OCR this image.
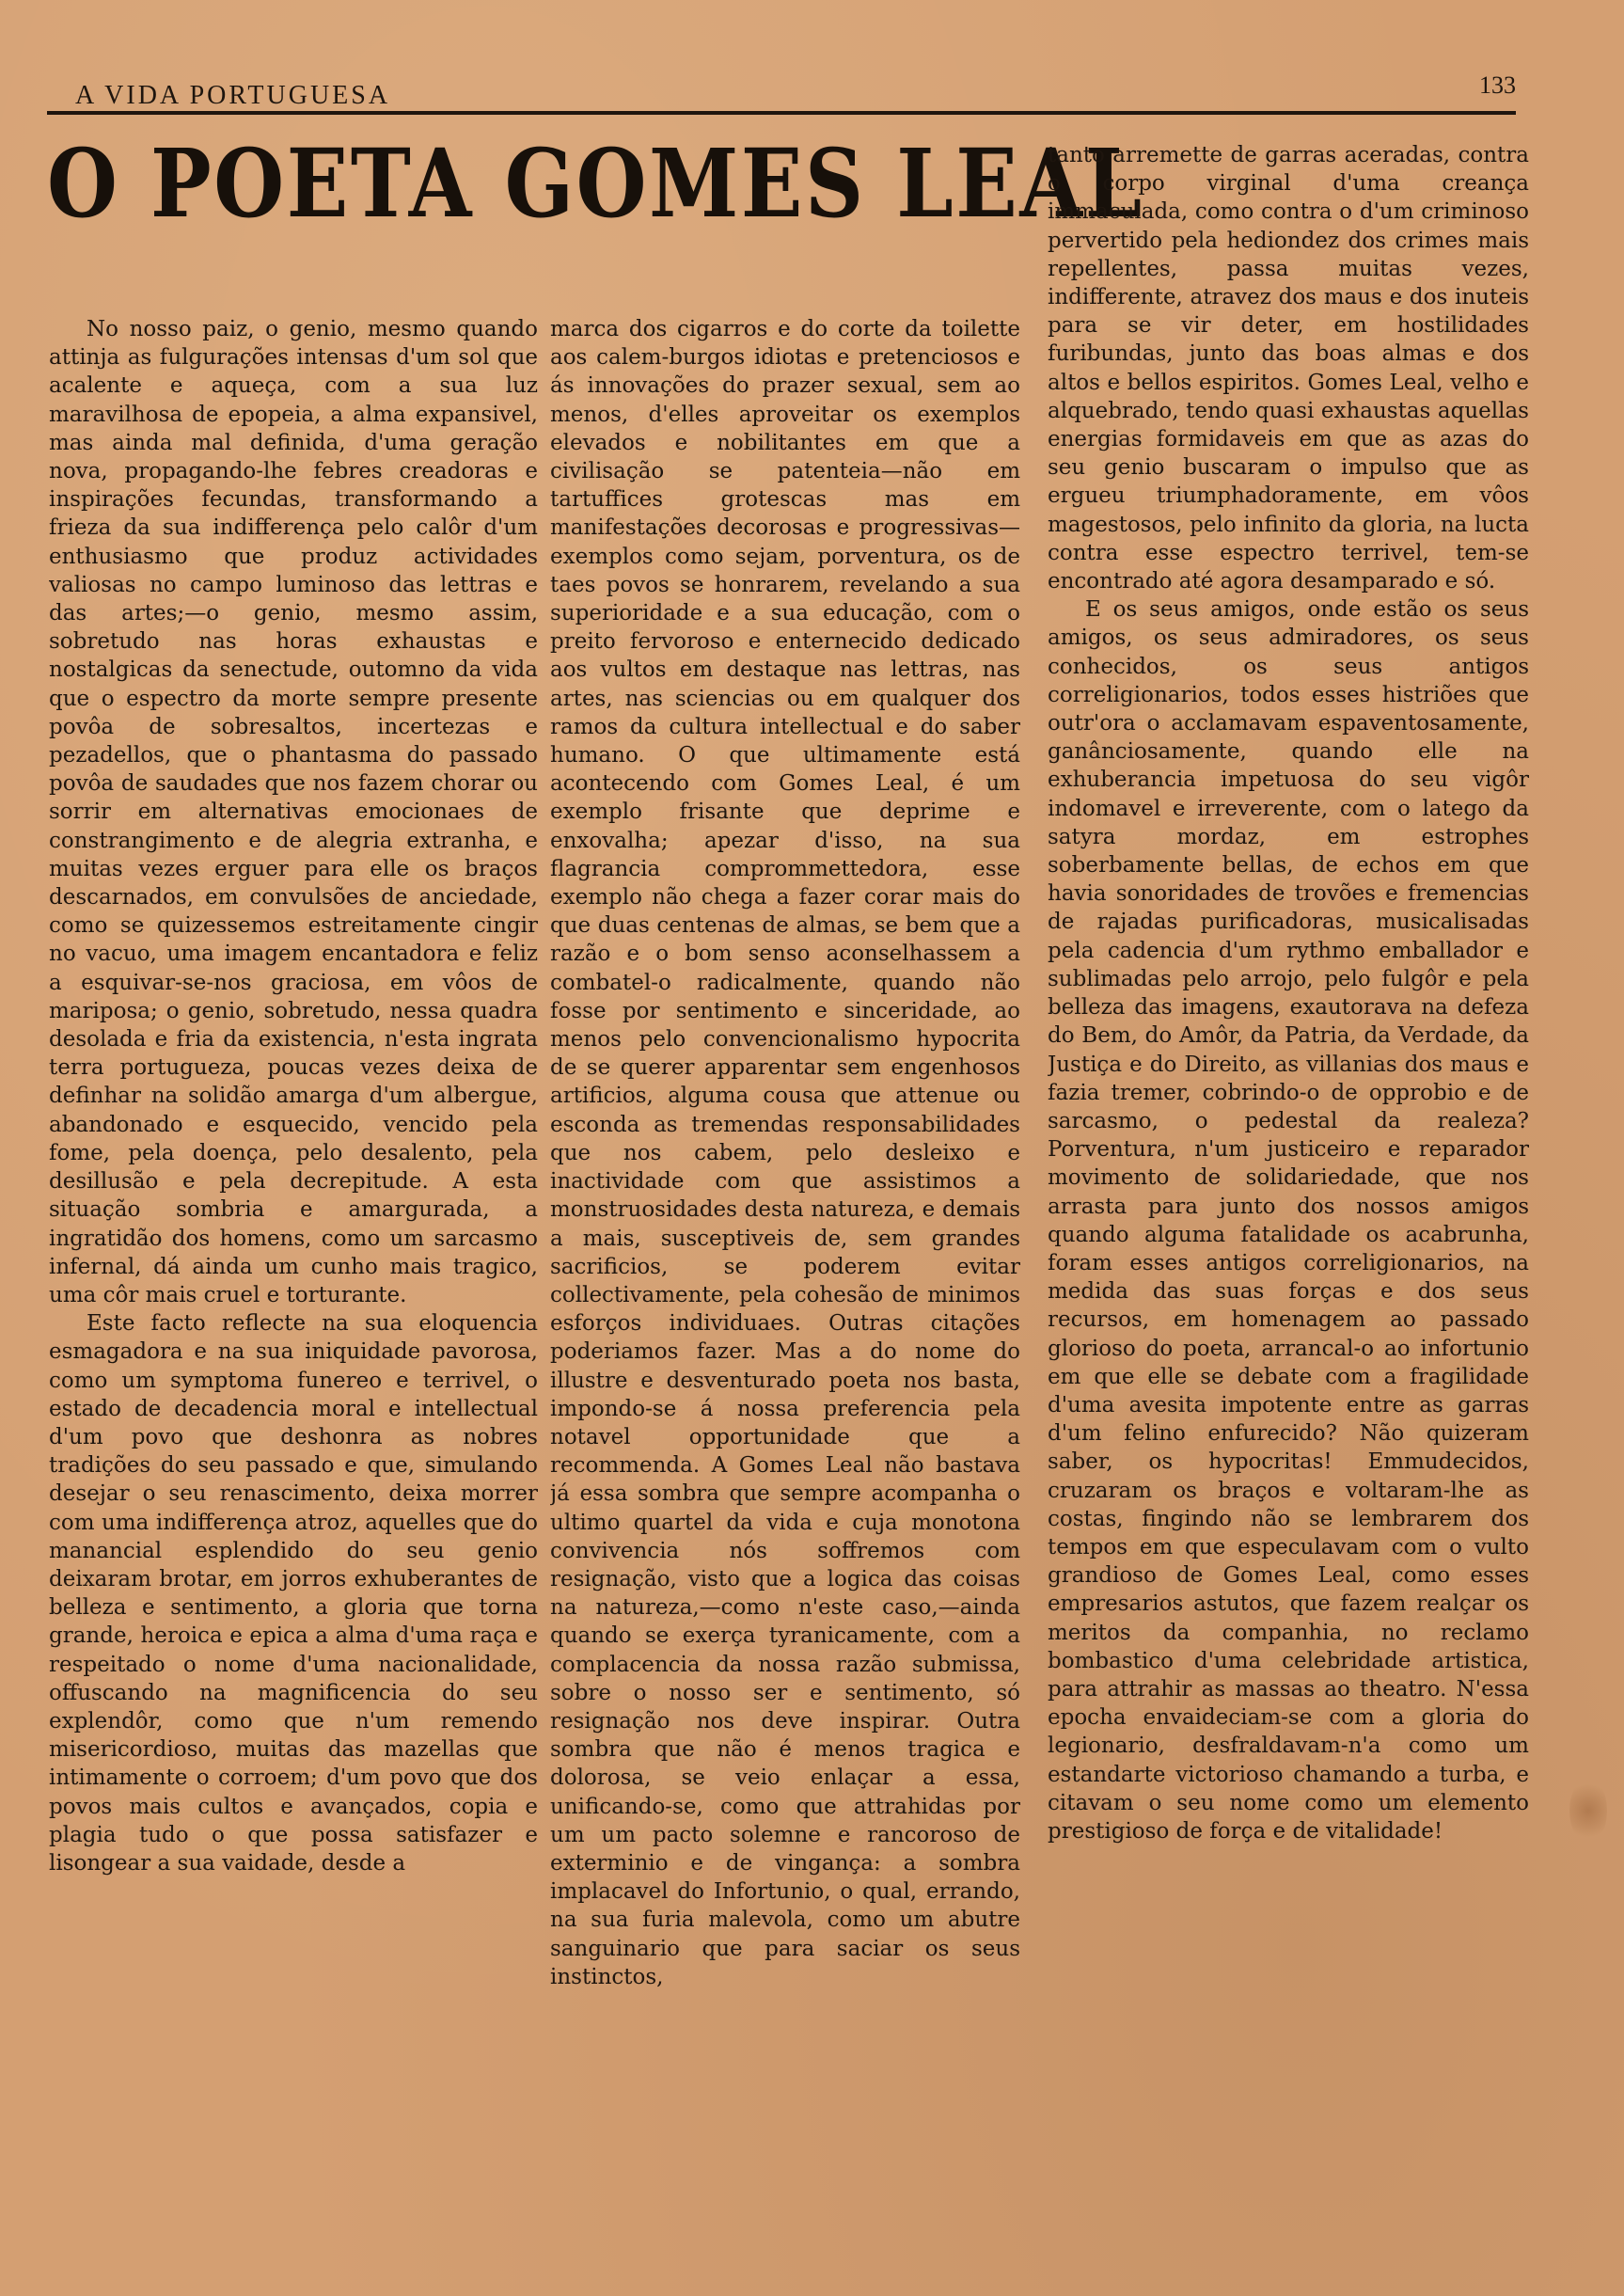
A VIDA PORTUGUESA	133

O POETA GOMES LEAL

No nosso paiz, o genio, mesmo quando attinja as fulgurações intensas d'um sol que acalente e aqueça, com a sua luz maravilhosa de epopeia, a alma expansivel, mas ainda mal definida, d'uma geração nova, propagando-lhe febres creadoras e inspirações fecundas, transformando a frieza da sua indifferença pelo calôr d'um enthusiasmo que produz actividades valiosas no campo luminoso das lettras e das artes;—o genio, mesmo assim, sobretudo nas horas exhaustas e nostalgicas da senectude, outomno da vida que o espectro da morte sempre presente povôa de sobresaltos, incertezas e pezadellos, que o phantasma do passado povôa de saudades que nos fazem chorar ou sorrir em alternativas emocionaes de constrangimento e de alegria extranha, e muitas vezes erguer para elle os braços descarnados, em convulsões de anciedade, como se quizessemos estreitamente cingir no vacuo, uma imagem encantadora e feliz a esquivar-se-nos graciosa, em vôos de mariposa; o genio, sobretudo, nessa quadra desolada e fria da existencia, n'esta ingrata terra portugueza, poucas vezes deixa de definhar na solidão amarga d'um albergue, abandonado e esquecido, vencido pela fome, pela doença, pelo desalento, pela desillusão e pela decrepitude. A esta situação sombria e amargurada, a ingratidão dos homens, como um sarcasmo infernal, dá ainda um cunho mais tragico, uma côr mais cruel e torturante.

Este facto reflecte na sua eloquencia esmagadora e na sua iniquidade pavorosa, como um symptoma funereo e terrivel, o estado de decadencia moral e intellectual d'um povo que deshonra as nobres tradições do seu passado e que, simulando desejar o seu renascimento, deixa morrer com uma indifferença atroz, aquelles que do manancial esplendido do seu genio deixaram brotar, em jorros exhuberantes de belleza e sentimento, a gloria que torna grande, heroica e epica a alma d'uma raça e respeitado o nome d'uma nacionalidade, offuscando na magnificencia do seu explendôr, como que n'um remendo misericordioso, muitas das mazellas que intimamente o corroem; d'um povo que dos povos mais cultos e avançados, copia e plagia tudo o que possa satisfazer e lisongear a sua vaidade, desde a

marca dos cigarros e do corte da toilette aos calem-burgos idiotas e pretenciosos e ás innovações do prazer sexual, sem ao menos, d'elles aproveitar os exemplos elevados e nobilitantes em que a civilisação se patenteia—não em tartuffices grotescas mas em manifestações decorosas e progressivas—exemplos como sejam, porventura, os de taes povos se honrarem, revelando a sua superioridade e a sua educação, com o preito fervoroso e enternecido dedicado aos vultos em destaque nas lettras, nas artes, nas sciencias ou em qualquer dos ramos da cultura intellectual e do saber humano. O que ultimamente está acontecendo com Gomes Leal, é um exemplo frisante que deprime e enxovalha; apezar d'isso, na sua flagrancia comprommettedora, esse exemplo não chega a fazer corar mais do que duas centenas de almas, se bem que a razão e o bom senso aconselhassem a combatel-o radicalmente, quando não fosse por sentimento e sinceridade, ao menos pelo convencionalismo hypocrita de se querer apparentar sem engenhosos artificios, alguma cousa que attenue ou esconda as tremendas responsabilidades que nos cabem, pelo desleixo e inactividade com que assistimos a monstruosidades desta natureza, e demais a mais, susceptiveis de, sem grandes sacrificios, se poderem evitar collectivamente, pela cohesão de minimos esforços individuaes. Outras citações poderiamos fazer. Mas a do nome do illustre e desventurado poeta nos basta, impondo-se á nossa preferencia pela notavel opportunidade que a recommenda. A Gomes Leal não bastava já essa sombra que sempre acompanha o ultimo quartel da vida e cuja monotona convivencia nós soffremos com resignação, visto que a logica das coisas na natureza,—como n'este caso,—ainda quando se exerça tyranicamente, com a complacencia da nossa razão submissa, sobre o nosso ser e sentimento, só resignação nos deve inspirar. Outra sombra que não é menos tragica e dolorosa, se veio enlaçar a essa, unificando-se, como que attrahidas por um um pacto solemne e rancoroso de exterminio e de vingança: a sombra implacavel do Infortunio, o qual, errando, na sua furia malevola, como um abutre sanguinario que para saciar os seus instinctos,

tanto arremette de garras aceradas, contra o corpo virginal d'uma creança immaculada, como contra o d'um criminoso pervertido pela hediondez dos crimes mais repellentes, passa muitas vezes, indifferente, atravez dos maus e dos inuteis para se vir deter, em hostilidades furibundas, junto das boas almas e dos altos e bellos espiritos. Gomes Leal, velho e alquebrado, tendo quasi exhaustas aquellas energias formidaveis em que as azas do seu genio buscaram o impulso que as ergueu triumphadoramente, em vôos magestosos, pelo infinito da gloria, na lucta contra esse espectro terrivel, tem-se encontrado até agora desamparado e só.

E os seus amigos, onde estão os seus amigos, os seus admiradores, os seus conhecidos, os seus antigos correligionarios, todos esses histriões que outr'ora o acclamavam espaventosamente, ganânciosamente, quando elle na exhuberancia impetuosa do seu vigôr indomavel e irreverente, com o latego da satyra mordaz, em estrophes soberbamente bellas, de echos em que havia sonoridades de trovões e fremencias de rajadas purificadoras, musicalisadas pela cadencia d'um rythmo emballador e sublimadas pelo arrojo, pelo fulgôr e pela belleza das imagens, exautorava na defeza do Bem, do Amôr, da Patria, da Verdade, da Justiça e do Direito, as villanias dos maus e fazia tremer, cobrindo-o de opprobio e de sarcasmo, o pedestal da realeza? Porventura, n'um justiceiro e reparador movimento de solidariedade, que nos arrasta para junto dos nossos amigos quando alguma fatalidade os acabrunha, foram esses antigos correligionarios, na medida das suas forças e dos seus recursos, em homenagem ao passado glorioso do poeta, arrancal-o ao infortunio em que elle se debate com a fragilidade d'uma avesita impotente entre as garras d'um felino enfurecido? Não quizeram saber, os hypocritas! Emmudecidos, cruzaram os braços e voltaram-lhe as costas, fingindo não se lembrarem dos tempos em que especulavam com o vulto grandioso de Gomes Leal, como esses empresarios astutos, que fazem realçar os meritos da companhia, no reclamo bombastico d'uma celebridade artistica, para attrahir as massas ao theatro. N'essa epocha envaideciam-se com a gloria do legionario, desfraldavam-n'a como um estandarte victorioso chamando a turba, e citavam o seu nome como um elemento prestigioso de força e de vitalidade!
